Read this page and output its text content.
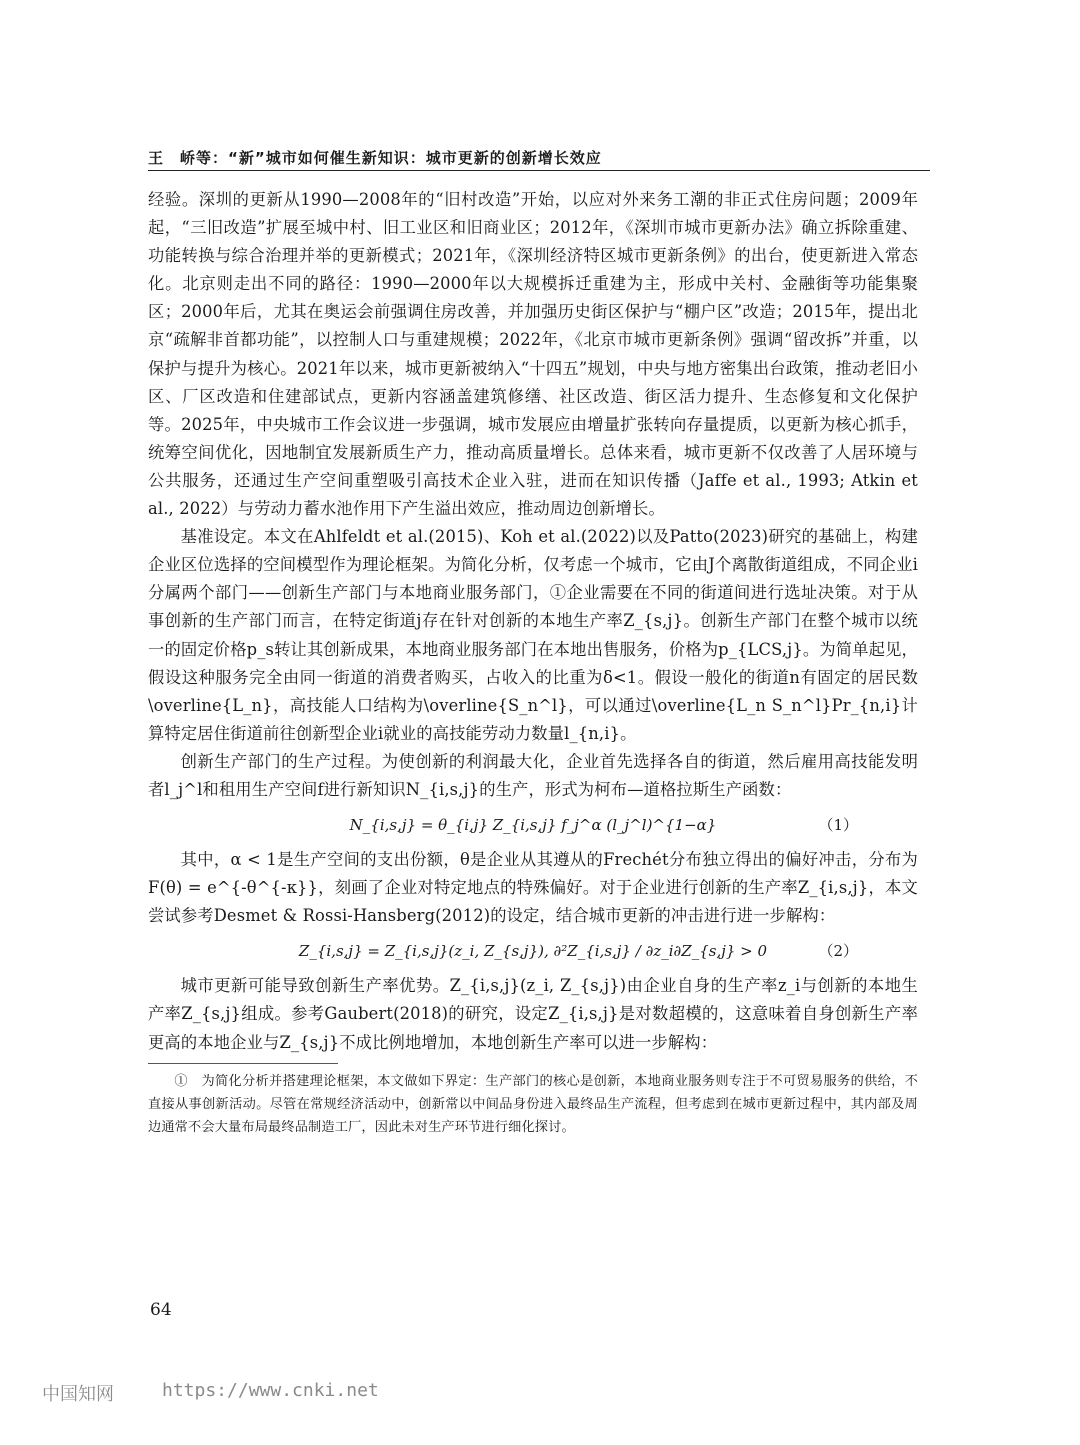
王　峤等：“新”城市如何催生新知识：城市更新的创新增长效应

经验。深圳的更新从1990—2008年的“旧村改造”开始，以应对外来务工潮的非正式住房问题；2009年起，“三旧改造”扩展至城中村、旧工业区和旧商业区；2012年，《深圳市城市更新办法》确立拆除重建、功能转换与综合治理并举的更新模式；2021年，《深圳经济特区城市更新条例》的出台，使更新进入常态化。北京则走出不同的路径：1990—2000年以大规模拆迁重建为主，形成中关村、金融街等功能集聚区；2000年后，尤其在奥运会前强调住房改善，并加强历史街区保护与“棚户区”改造；2015年，提出北京“疏解非首都功能”，以控制人口与重建规模；2022年，《北京市城市更新条例》强调“留改拆”并重，以保护与提升为核心。2021年以来，城市更新被纳入“十四五”规划，中央与地方密集出台政策，推动老旧小区、厂区改造和住建部试点，更新内容涵盖建筑修缮、社区改造、街区活力提升、生态修复和文化保护等。2025年，中央城市工作会议进一步强调，城市发展应由增量扩张转向存量提质，以更新为核心抓手，统筹空间优化，因地制宜发展新质生产力，推动高质量增长。总体来看，城市更新不仅改善了人居环境与公共服务，还通过生产空间重塑吸引高技术企业入驻，进而在知识传播（Jaffe et al., 1993; Atkin et al., 2022）与劳动力蓄水池作用下产生溢出效应，推动周边创新增长。

基准设定。本文在Ahlfeldt et al.(2015)、Koh et al.(2022)以及Patto(2023)研究的基础上，构建企业区位选择的空间模型作为理论框架。为简化分析，仅考虑一个城市，它由J个离散街道组成，不同企业i分属两个部门——创新生产部门与本地商业服务部门，①企业需要在不同的街道间进行选址决策。对于从事创新的生产部门而言，在特定街道j存在针对创新的本地生产率Z_{s,j}。创新生产部门在整个城市以统一的固定价格p_s转让其创新成果，本地商业服务部门在本地出售服务，价格为p_{LCS,j}。为简单起见，假设这种服务完全由同一街道的消费者购买，占收入的比重为δ<1。假设一般化的街道n有固定的居民数\overline{L_n}，高技能人口结构为\overline{S_n^l}，可以通过\overline{L_n S_n^l}Pr_{n,i}计算特定居住街道前往创新型企业i就业的高技能劳动力数量l_{n,i}。

创新生产部门的生产过程。为使创新的利润最大化，企业首先选择各自的街道，然后雇用高技能发明者l_j^l和租用生产空间f进行新知识N_{i,s,j}的生产，形式为柯布—道格拉斯生产函数：

N_{i,s,j} = θ_{i,j} Z_{i,s,j} f_j^α (l_j^l)^{1−α}	（1）

其中，α < 1是生产空间的支出份额，θ是企业从其遵从的Frechét分布独立得出的偏好冲击，分布为F(θ) = e^{-θ^{-κ}}，刻画了企业对特定地点的特殊偏好。对于企业进行创新的生产率Z_{i,s,j}，本文尝试参考Desmet & Rossi-Hansberg(2012)的设定，结合城市更新的冲击进行进一步解构：

Z_{i,s,j} = Z_{i,s,j}(z_i, Z_{s,j}), ∂²Z_{i,s,j} / ∂z_i∂Z_{s,j} > 0	（2）

城市更新可能导致创新生产率优势。Z_{i,s,j}(z_i, Z_{s,j})由企业自身的生产率z_i与创新的本地生产率Z_{s,j}组成。参考Gaubert(2018)的研究，设定Z_{i,s,j}是对数超模的，这意味着自身创新生产率更高的本地企业与Z_{s,j}不成比例地增加，本地创新生产率可以进一步解构：

①　为简化分析并搭建理论框架，本文做如下界定：生产部门的核心是创新，本地商业服务则专注于不可贸易服务的供给，不直接从事创新活动。尽管在常规经济活动中，创新常以中间品身份进入最终品生产流程，但考虑到在城市更新过程中，其内部及周边通常不会大量布局最终品制造工厂，因此未对生产环节进行细化探讨。

64
中国知网	https://www.cnki.net
